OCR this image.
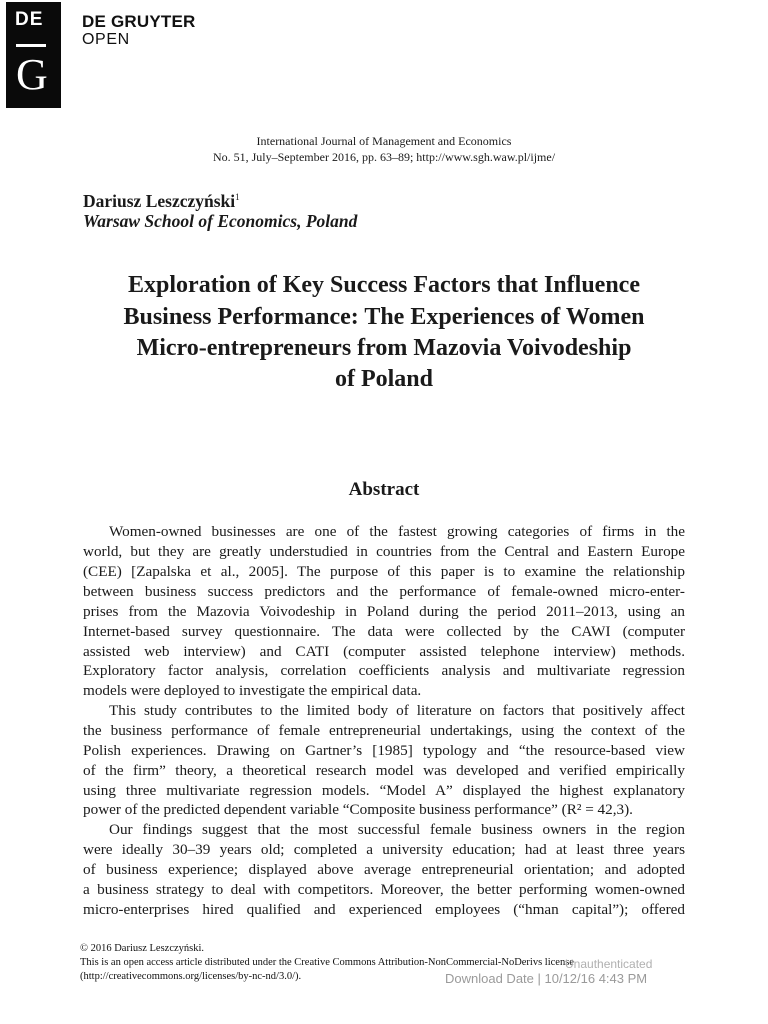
DE
G
DE GRUYTER
OPEN
International Journal of Management and Economics
No. 51, July–September 2016, pp. 63–89; http://www.sgh.waw.pl/ijme/
Dariusz Leszczyński$^1$
Warsaw School of Economics, Poland
Exploration of Key Success Factors that Influence
Business Performance: The Experiences of Women
Micro-entrepreneurs from Mazovia Voivodeship
of Poland
Abstract
Women-owned businesses are one of the fastest growing categories of firms in the
world, but they are greatly understudied in countries from the Central and Eastern Europe
(CEE) [Zapalska et al., 2005]. The purpose of this paper is to examine the relationship
between business success predictors and the performance of female-owned micro-enter-
prises from the Mazovia Voivodeship in Poland during the period 2011–2013, using an
Internet-based survey questionnaire. The data were collected by the CAWI (computer
assisted web interview) and CATI (computer assisted telephone interview) methods.
Exploratory factor analysis, correlation coefficients analysis and multivariate regression
models were deployed to investigate the empirical data.
This study contributes to the limited body of literature on factors that positively affect
the business performance of female entrepreneurial undertakings, using the context of the
Polish experiences. Drawing on Gartner’s [1985] typology and “the resource-based view
of the firm” theory, a theoretical research model was developed and verified empirically
using three multivariate regression models. “Model A” displayed the highest explanatory
power of the predicted dependent variable “Composite business performance” (R² = 42,3).
Our findings suggest that the most successful female business owners in the region
were ideally 30–39 years old; completed a university education; had at least three years
of business experience; displayed above average entrepreneurial orientation; and adopted
a business strategy to deal with competitors. Moreover, the better performing women-owned
micro-enterprises hired qualified and experienced employees (“hman capital”); offered
© 2016 Dariusz Leszczyński.
This is an open access article distributed under the Creative Commons Attribution-NonCommercial-NoDerivs license
(http://creativecommons.org/licenses/by-nc-nd/3.0/).
Unauthenticated
Download Date | 10/12/16 4:43 PM
